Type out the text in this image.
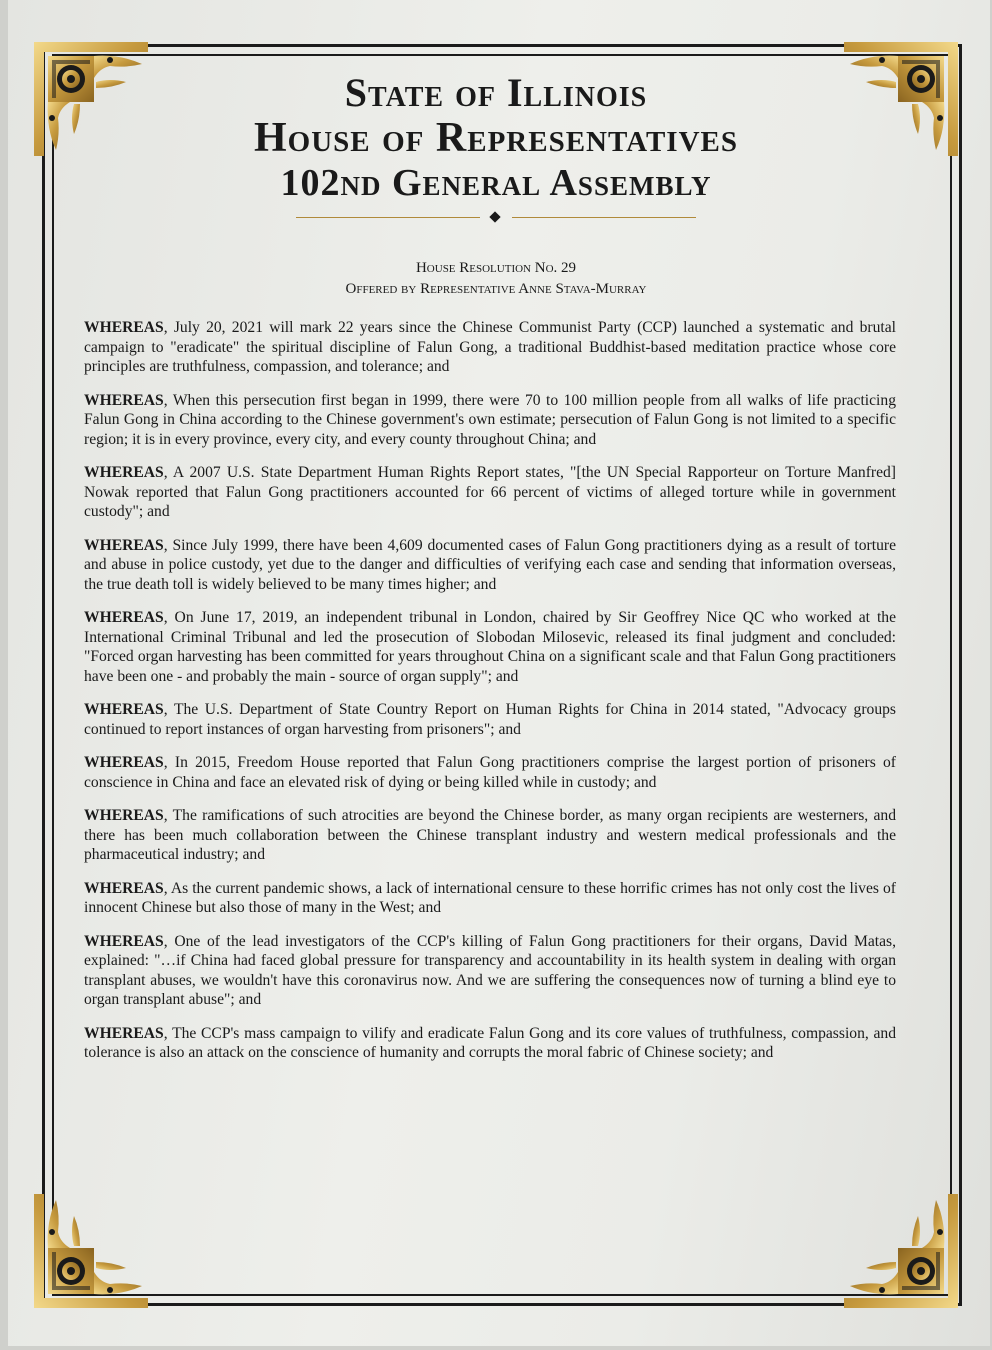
State of Illinois
House of Representatives
102nd General Assembly

House Resolution No. 29

Offered by Representative Anne Stava-Murray

WHEREAS, July 20, 2021 will mark 22 years since the Chinese Communist Party (CCP) launched a systematic and brutal campaign to "eradicate" the spiritual discipline of Falun Gong, a traditional Buddhist-based meditation practice whose core principles are truthfulness, compassion, and tolerance; and

WHEREAS, When this persecution first began in 1999, there were 70 to 100 million people from all walks of life practicing Falun Gong in China according to the Chinese government's own estimate; persecution of Falun Gong is not limited to a specific region; it is in every province, every city, and every county throughout China; and

WHEREAS, A 2007 U.S. State Department Human Rights Report states, "[the UN Special Rapporteur on Torture Manfred] Nowak reported that Falun Gong practitioners accounted for 66 percent of victims of alleged torture while in government custody"; and

WHEREAS, Since July 1999, there have been 4,609 documented cases of Falun Gong practitioners dying as a result of torture and abuse in police custody, yet due to the danger and difficulties of verifying each case and sending that information overseas, the true death toll is widely believed to be many times higher; and

WHEREAS, On June 17, 2019, an independent tribunal in London, chaired by Sir Geoffrey Nice QC who worked at the International Criminal Tribunal and led the prosecution of Slobodan Milosevic, released its final judgment and concluded: "Forced organ harvesting has been committed for years throughout China on a significant scale and that Falun Gong practitioners have been one - and probably the main - source of organ supply"; and

WHEREAS, The U.S. Department of State Country Report on Human Rights for China in 2014 stated, "Advocacy groups continued to report instances of organ harvesting from prisoners"; and

WHEREAS, In 2015, Freedom House reported that Falun Gong practitioners comprise the largest portion of prisoners of conscience in China and face an elevated risk of dying or being killed while in custody; and

WHEREAS, The ramifications of such atrocities are beyond the Chinese border, as many organ recipients are westerners, and there has been much collaboration between the Chinese transplant industry and western medical professionals and the pharmaceutical industry; and

WHEREAS, As the current pandemic shows, a lack of international censure to these horrific crimes has not only cost the lives of innocent Chinese but also those of many in the West; and

WHEREAS, One of the lead investigators of the CCP's killing of Falun Gong practitioners for their organs, David Matas, explained: "…if China had faced global pressure for transparency and accountability in its health system in dealing with organ transplant abuses, we wouldn't have this coronavirus now. And we are suffering the consequences now of turning a blind eye to organ transplant abuse"; and

WHEREAS, The CCP's mass campaign to vilify and eradicate Falun Gong and its core values of truthfulness, compassion, and tolerance is also an attack on the conscience of humanity and corrupts the moral fabric of Chinese society; and
